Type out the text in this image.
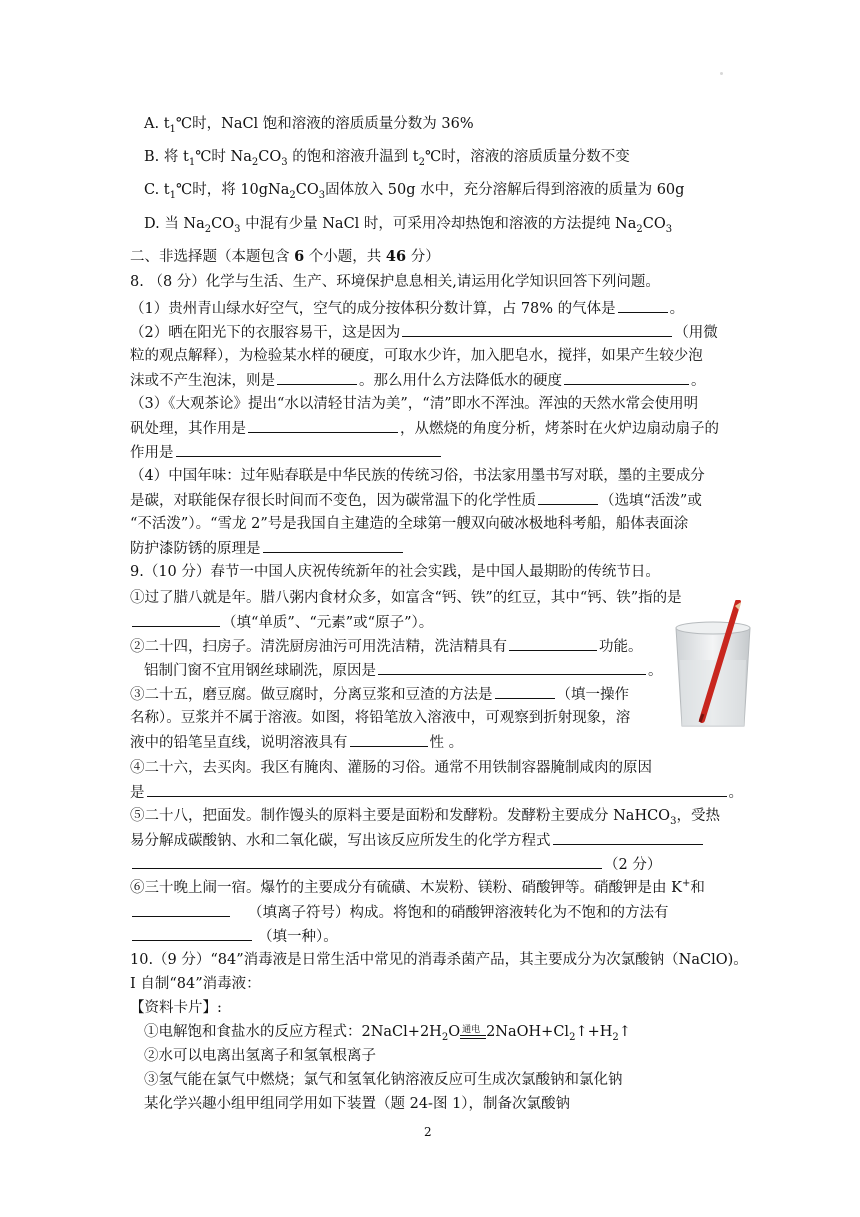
A. $t_1℃$时，NaCl 饱和溶液的溶质质量分数为 36%
B. 将 $t_1℃$时 $Na_2CO_3$ 的饱和溶液升温到 $t_2℃$时，溶液的溶质质量分数不变
C. $t_1℃$时，将 $10gNa_2CO_3$固体放入 50g 水中，充分溶解后得到溶液的质量为 60g
D. 当 $Na_2CO_3$ 中混有少量 NaCl 时，可采用冷却热饱和溶液的方法提纯 $Na_2CO_3$
二、非选择题（本题包含 6 个小题，共 46 分）
8. （8 分）化学与生活、生产、环境保护息息相关,请运用化学知识回答下列问题。
（1）贵州青山绿水好空气，空气的成分按体积分数计算，占 78% 的气体是	。
（2）晒在阳光下的衣服容易干，这是因为	（用微
粒的观点解释），为检验某水样的硬度，可取水少许，加入肥皂水，搅拌，如果产生较少泡
沫或不产生泡沫，则是	。那么用什么方法降低水的硬度	。
（3）《大观茶论》提出“水以清轻甘洁为美”，“清”即水不浑浊。浑浊的天然水常会使用明
矾处理，其作用是	，从燃烧的角度分析，烤茶时在火炉边扇动扇子的
作用是
（4）中国年味：过年贴春联是中华民族的传统习俗，书法家用墨书写对联，墨的主要成分
是碳，对联能保存很长时间而不变色，因为碳常温下的化学性质	（选填“活泼”或
“不活泼”）。“雪龙 2”号是我国自主建造的全球第一艘双向破冰极地科考船，船体表面涂
防护漆防锈的原理是
9.（10 分）春节一中国人庆祝传统新年的社会实践，是中国人最期盼的传统节日。
①过了腊八就是年。腊八粥内食材众多，如富含“钙、铁”的红豆，其中“钙、铁”指的是
（填“单质”、“元素”或“原子”）。
②二十四，扫房子。清洗厨房油污可用洗洁精，洗洁精具有	功能。
铝制门窗不宜用钢丝球刷洗，原因是	。
③二十五，磨豆腐。做豆腐时，分离豆浆和豆渣的方法是	（填一操作
名称）。豆浆并不属于溶液。如图，将铅笔放入溶液中，可观察到折射现象，溶
液中的铅笔呈直线，说明溶液具有	性 。
④二十六，去买肉。我区有腌肉、灌肠的习俗。通常不用铁制容器腌制咸肉的原因
是	。
⑤二十八，把面发。制作馒头的原料主要是面粉和发酵粉。发酵粉主要成分 NaHCO$_3$，受热
易分解成碳酸钠、水和二氧化碳，写出该反应所发生的化学方程式
（2 分）
⑥三十晚上闹一宿。爆竹的主要成分有硫磺、木炭粉、镁粉、硝酸钾等。硝酸钾是由 K+和
（填离子符号）构成。将饱和的硝酸钾溶液转化为不饱和的方法有
（填一种）。
10.（9 分）“84”消毒液是日常生活中常见的消毒杀菌产品，其主要成分为次氯酸钠（NaClO)。
I 自制“84”消毒液：
【资料卡片】:
①电解饱和食盐水的反应方程式：$2NaCl+2H_2O$ 通电 $2NaOH+Cl_2↑+H_2↑$
②水可以电离出氢离子和氢氧根离子
③氢气能在氯气中燃烧；氯气和氢氧化钠溶液反应可生成次氯酸钠和氯化钠
某化学兴趣小组甲组同学用如下装置（题 24-图 1），制备次氯酸钠
2
